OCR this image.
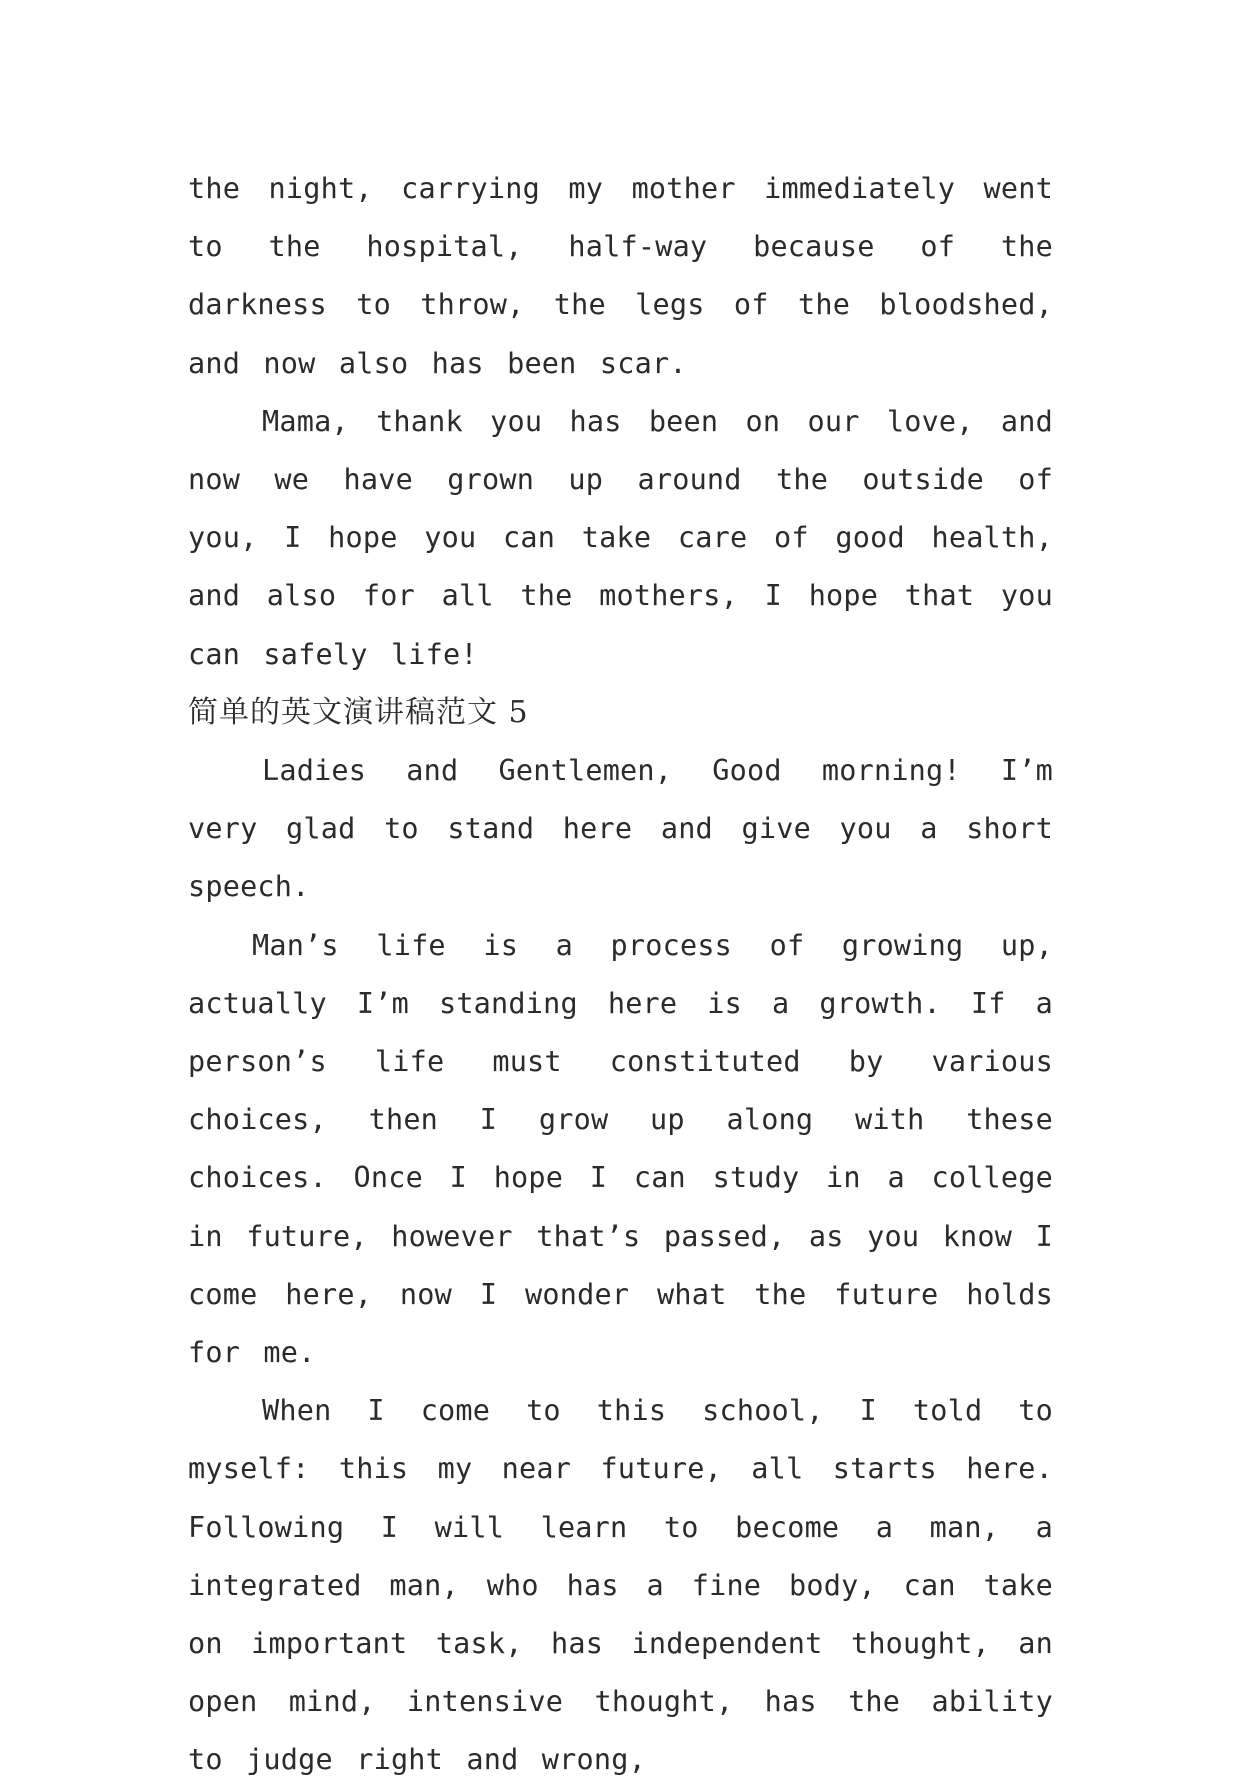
the night, carrying my mother immediately went to the hospital, half-way because of the darkness to throw, the legs of the bloodshed, and now also has been scar.

Mama, thank you has been on our love, and now we have grown up around the outside of you, I hope you can take care of good health, and also for all the mothers, I hope that you can safely life!

简单的英文演讲稿范文 5

Ladies and Gentlemen, Good morning! I’m very glad to stand here and give you a short speech.

Man’s life is a process of growing up, actually I’m standing here is a growth. If a person’s life must constituted by various choices, then I grow up along with these choices. Once I hope I can study in a college in future, however that’s passed, as you know I come here, now I wonder what the future holds for me.

When I come to this school, I told to myself: this my near future, all starts here. Following I will learn to become a man, a integrated man, who has a fine body, can take on important task, has independent thought, an open mind, intensive thought, has the ability to judge right and wrong,
